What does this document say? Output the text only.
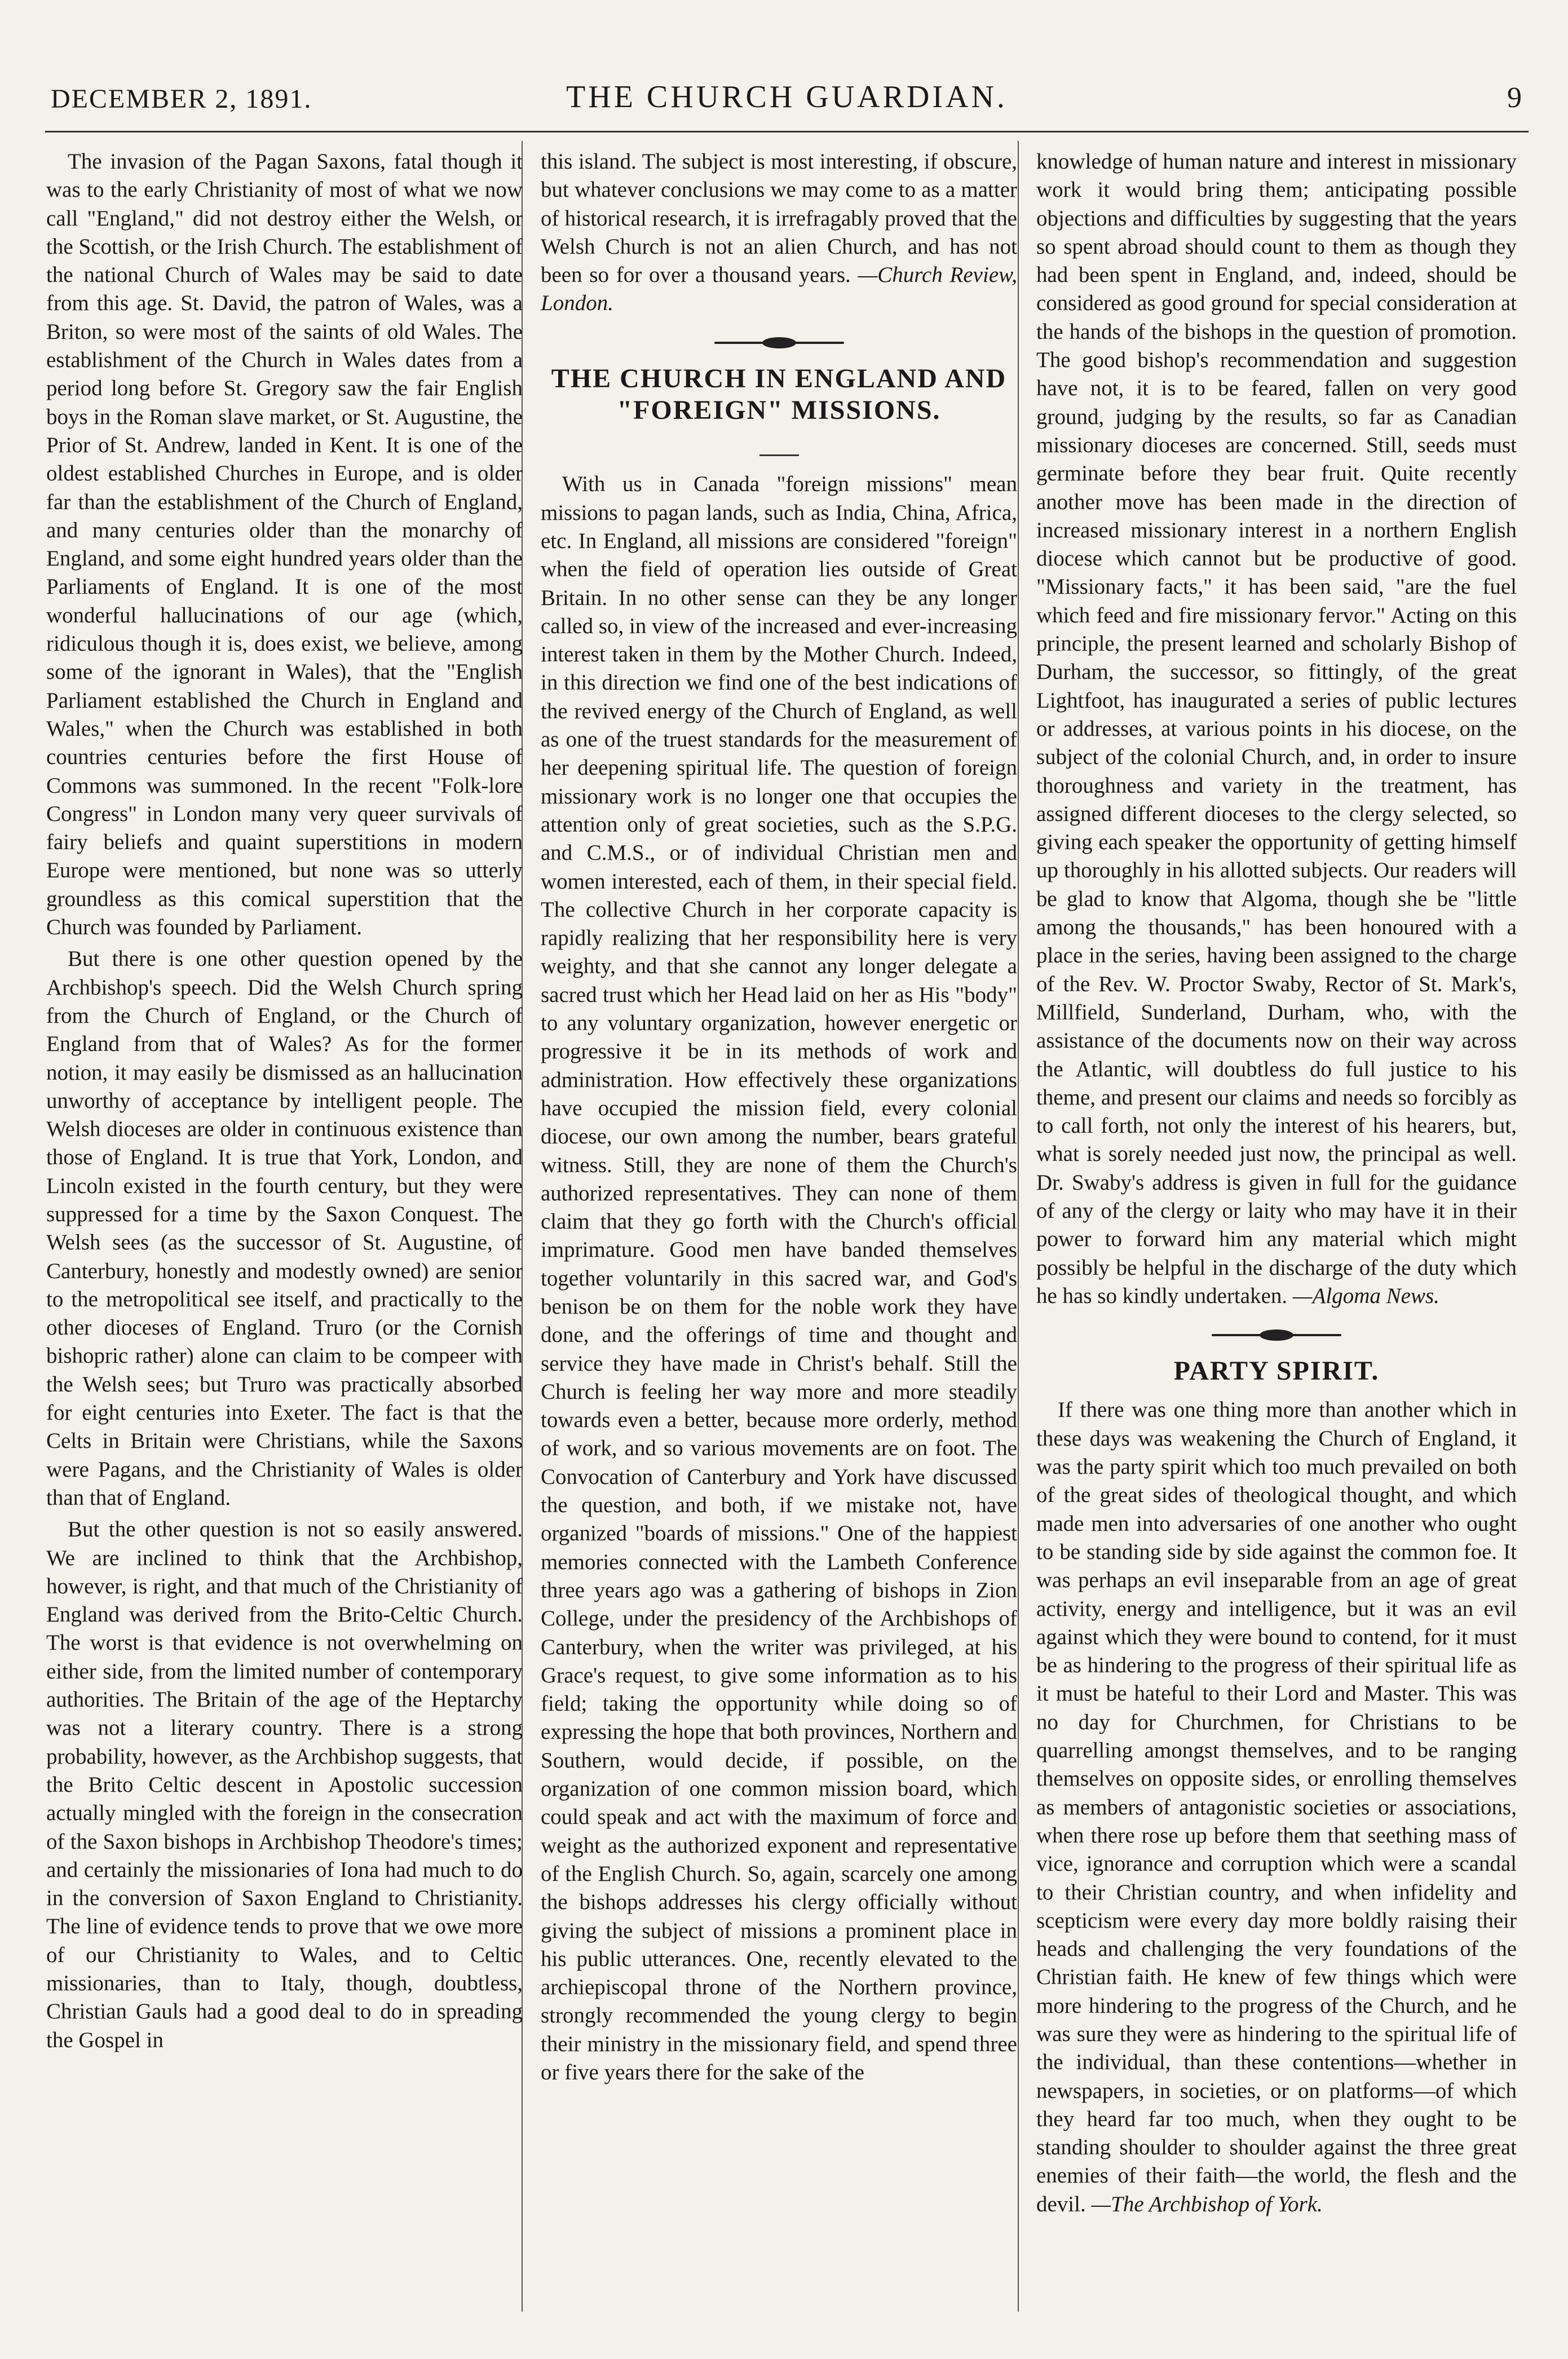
DECEMBER 2, 1891.	THE CHURCH GUARDIAN.	9

The invasion of the Pagan Saxons, fatal though it was to the early Christianity of most of what we now call "England," did not destroy either the Welsh, or the Scottish, or the Irish Church. The establishment of the national Church of Wales may be said to date from this age. St. David, the patron of Wales, was a Briton, so were most of the saints of old Wales. The establishment of the Church in Wales dates from a period long before St. Gregory saw the fair English boys in the Roman slave market, or St. Augustine, the Prior of St. Andrew, landed in Kent. It is one of the oldest established Churches in Europe, and is older far than the establishment of the Church of England, and many centuries older than the monarchy of England, and some eight hundred years older than the Parliaments of England. It is one of the most wonderful hallucinations of our age (which, ridiculous though it is, does exist, we believe, among some of the ignorant in Wales), that the "English Parliament established the Church in England and Wales," when the Church was established in both countries centuries before the first House of Commons was summoned. In the recent "Folk-lore Congress" in London many very queer survivals of fairy beliefs and quaint superstitions in modern Europe were mentioned, but none was so utterly groundless as this comical superstition that the Church was founded by Parliament.

But there is one other question opened by the Archbishop's speech. Did the Welsh Church spring from the Church of England, or the Church of England from that of Wales? As for the former notion, it may easily be dismissed as an hallucination unworthy of acceptance by intelligent people. The Welsh dioceses are older in continuous existence than those of England. It is true that York, London, and Lincoln existed in the fourth century, but they were suppressed for a time by the Saxon Conquest. The Welsh sees (as the successor of St. Augustine, of Canterbury, honestly and modestly owned) are senior to the metropolitical see itself, and practically to the other dioceses of England. Truro (or the Cornish bishopric rather) alone can claim to be compeer with the Welsh sees; but Truro was practically absorbed for eight centuries into Exeter. The fact is that the Celts in Britain were Christians, while the Saxons were Pagans, and the Christianity of Wales is older than that of England.

But the other question is not so easily answered. We are inclined to think that the Archbishop, however, is right, and that much of the Christianity of England was derived from the Brito-Celtic Church. The worst is that evidence is not overwhelming on either side, from the limited number of contemporary authorities. The Britain of the age of the Heptarchy was not a literary country. There is a strong probability, however, as the Archbishop suggests, that the Brito Celtic descent in Apostolic succession actually mingled with the foreign in the consecration of the Saxon bishops in Archbishop Theodore's times; and certainly the missionaries of Iona had much to do in the conversion of Saxon England to Christianity. The line of evidence tends to prove that we owe more of our Christianity to Wales, and to Celtic missionaries, than to Italy, though, doubtless, Christian Gauls had a good deal to do in spreading the Gospel in

this island. The subject is most interesting, if obscure, but whatever conclusions we may come to as a matter of historical research, it is irrefragably proved that the Welsh Church is not an alien Church, and has not been so for over a thousand years. —Church Review, London.

THE CHURCH IN ENGLAND AND "FOREIGN" MISSIONS.

With us in Canada "foreign missions" mean missions to pagan lands, such as India, China, Africa, etc. In England, all missions are considered "foreign" when the field of operation lies outside of Great Britain. In no other sense can they be any longer called so, in view of the increased and ever-increasing interest taken in them by the Mother Church. Indeed, in this direction we find one of the best indications of the revived energy of the Church of England, as well as one of the truest standards for the measurement of her deepening spiritual life. The question of foreign missionary work is no longer one that occupies the attention only of great societies, such as the S.P.G. and C.M.S., or of individual Christian men and women interested, each of them, in their special field. The collective Church in her corporate capacity is rapidly realizing that her responsibility here is very weighty, and that she cannot any longer delegate a sacred trust which her Head laid on her as His "body" to any voluntary organization, however energetic or progressive it be in its methods of work and administration. How effectively these organizations have occupied the mission field, every colonial diocese, our own among the number, bears grateful witness. Still, they are none of them the Church's authorized representatives. They can none of them claim that they go forth with the Church's official imprimature. Good men have banded themselves together voluntarily in this sacred war, and God's benison be on them for the noble work they have done, and the offerings of time and thought and service they have made in Christ's behalf. Still the Church is feeling her way more and more steadily towards even a better, because more orderly, method of work, and so various movements are on foot. The Convocation of Canterbury and York have discussed the question, and both, if we mistake not, have organized "boards of missions." One of the happiest memories connected with the Lambeth Conference three years ago was a gathering of bishops in Zion College, under the presidency of the Archbishops of Canterbury, when the writer was privileged, at his Grace's request, to give some information as to his field; taking the opportunity while doing so of expressing the hope that both provinces, Northern and Southern, would decide, if possible, on the organization of one common mission board, which could speak and act with the maximum of force and weight as the authorized exponent and representative of the English Church. So, again, scarcely one among the bishops addresses his clergy officially without giving the subject of missions a prominent place in his public utterances. One, recently elevated to the archiepiscopal throne of the Northern province, strongly recommended the young clergy to begin their ministry in the missionary field, and spend three or five years there for the sake of the

knowledge of human nature and interest in missionary work it would bring them; anticipating possible objections and difficulties by suggesting that the years so spent abroad should count to them as though they had been spent in England, and, indeed, should be considered as good ground for special consideration at the hands of the bishops in the question of promotion. The good bishop's recommendation and suggestion have not, it is to be feared, fallen on very good ground, judging by the results, so far as Canadian missionary dioceses are concerned. Still, seeds must germinate before they bear fruit. Quite recently another move has been made in the direction of increased missionary interest in a northern English diocese which cannot but be productive of good. "Missionary facts," it has been said, "are the fuel which feed and fire missionary fervor." Acting on this principle, the present learned and scholarly Bishop of Durham, the successor, so fittingly, of the great Lightfoot, has inaugurated a series of public lectures or addresses, at various points in his diocese, on the subject of the colonial Church, and, in order to insure thoroughness and variety in the treatment, has assigned different dioceses to the clergy selected, so giving each speaker the opportunity of getting himself up thoroughly in his allotted subjects. Our readers will be glad to know that Algoma, though she be "little among the thousands," has been honoured with a place in the series, having been assigned to the charge of the Rev. W. Proctor Swaby, Rector of St. Mark's, Millfield, Sunderland, Durham, who, with the assistance of the documents now on their way across the Atlantic, will doubtless do full justice to his theme, and present our claims and needs so forcibly as to call forth, not only the interest of his hearers, but, what is sorely needed just now, the principal as well. Dr. Swaby's address is given in full for the guidance of any of the clergy or laity who may have it in their power to forward him any material which might possibly be helpful in the discharge of the duty which he has so kindly undertaken. —Algoma News.

PARTY SPIRIT.

If there was one thing more than another which in these days was weakening the Church of England, it was the party spirit which too much prevailed on both of the great sides of theological thought, and which made men into adversaries of one another who ought to be standing side by side against the common foe. It was perhaps an evil inseparable from an age of great activity, energy and intelligence, but it was an evil against which they were bound to contend, for it must be as hindering to the progress of their spiritual life as it must be hateful to their Lord and Master. This was no day for Churchmen, for Christians to be quarrelling amongst themselves, and to be ranging themselves on opposite sides, or enrolling themselves as members of antagonistic societies or associations, when there rose up before them that seething mass of vice, ignorance and corruption which were a scandal to their Christian country, and when infidelity and scepticism were every day more boldly raising their heads and challenging the very foundations of the Christian faith. He knew of few things which were more hindering to the progress of the Church, and he was sure they were as hindering to the spiritual life of the individual, than these contentions—whether in newspapers, in societies, or on platforms—of which they heard far too much, when they ought to be standing shoulder to shoulder against the three great enemies of their faith—the world, the flesh and the devil. —The Archbishop of York.
